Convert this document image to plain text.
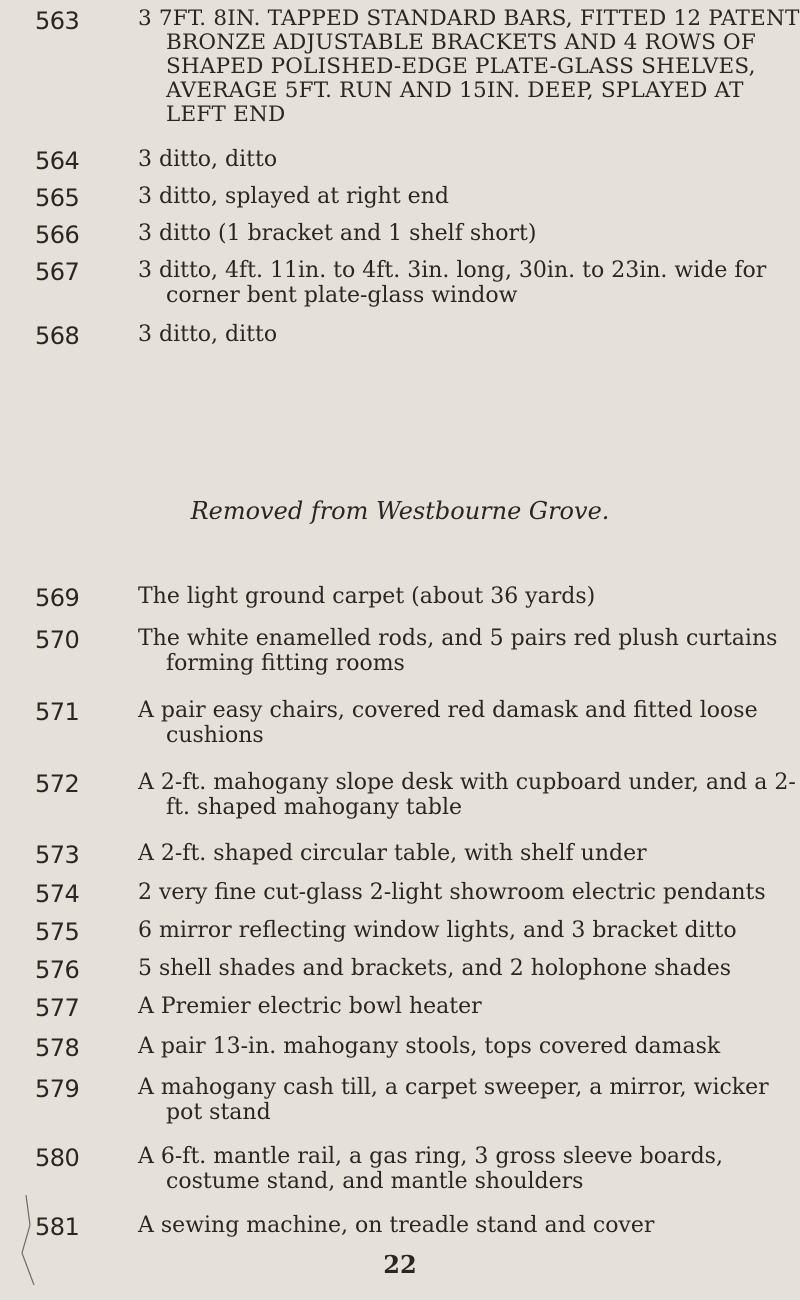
563	3 7FT. 8IN. TAPPED STANDARD BARS, FITTED 12 PATENT BRONZE ADJUSTABLE BRACKETS AND 4 ROWS OF SHAPED POLISHED-EDGE PLATE-GLASS SHELVES, AVERAGE 5FT. RUN AND 15IN. DEEP, SPLAYED AT LEFT END

564	3 ditto, ditto

565	3 ditto, splayed at right end

566	3 ditto (1 bracket and 1 shelf short)

567	3 ditto, 4ft. 11in. to 4ft. 3in. long, 30in. to 23in. wide for corner bent plate-glass window

568	3 ditto, ditto

Removed from Westbourne Grove.
569	The light ground carpet (about 36 yards)

570	The white enamelled rods, and 5 pairs red plush curtains forming fitting rooms

571	A pair easy chairs, covered red damask and fitted loose cushions

572	A 2-ft. mahogany slope desk with cupboard under, and a 2-ft. shaped mahogany table

573	A 2-ft. shaped circular table, with shelf under

574	2 very fine cut-glass 2-light showroom electric pendants

575	6 mirror reflecting window lights, and 3 bracket ditto

576	5 shell shades and brackets, and 2 holophone shades

577	A Premier electric bowl heater

578	A pair 13-in. mahogany stools, tops covered damask

579	A mahogany cash till, a carpet sweeper, a mirror, wicker pot stand

580	A 6-ft. mantle rail, a gas ring, 3 gross sleeve boards, costume stand, and mantle shoulders

581	A sewing machine, on treadle stand and cover

22
